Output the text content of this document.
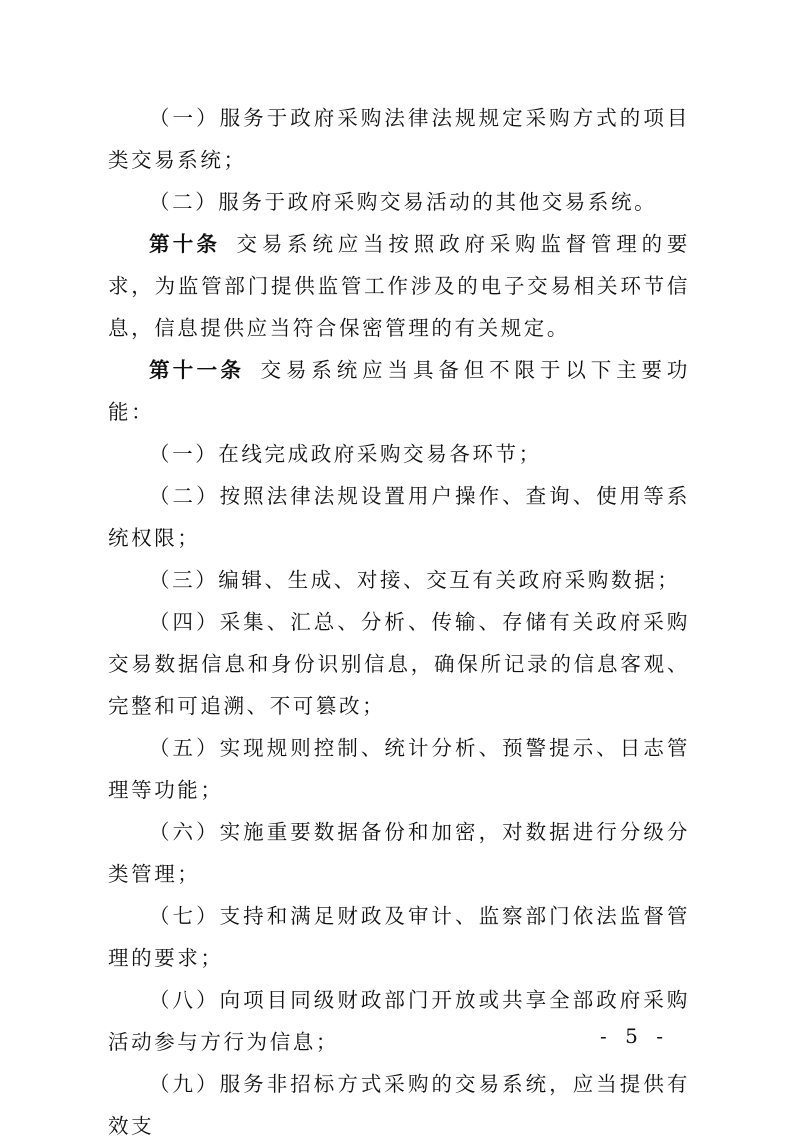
（一）服务于政府采购法律法规规定采购方式的项目类交易系统；

（二）服务于政府采购交易活动的其他交易系统。

第十条 交易系统应当按照政府采购监督管理的要求，为监管部门提供监管工作涉及的电子交易相关环节信息，信息提供应当符合保密管理的有关规定。

第十一条 交易系统应当具备但不限于以下主要功能：

（一）在线完成政府采购交易各环节；

（二）按照法律法规设置用户操作、查询、使用等系统权限；

（三）编辑、生成、对接、交互有关政府采购数据；

（四）采集、汇总、分析、传输、存储有关政府采购交易数据信息和身份识别信息，确保所记录的信息客观、完整和可追溯、不可篡改；

（五）实现规则控制、统计分析、预警提示、日志管理等功能；

（六）实施重要数据备份和加密，对数据进行分级分类管理；

（七）支持和满足财政及审计、监察部门依法监督管理的要求；

（八）向项目同级财政部门开放或共享全部政府采购活动参与方行为信息；

（九）服务非招标方式采购的交易系统，应当提供有效支

- 5 -
